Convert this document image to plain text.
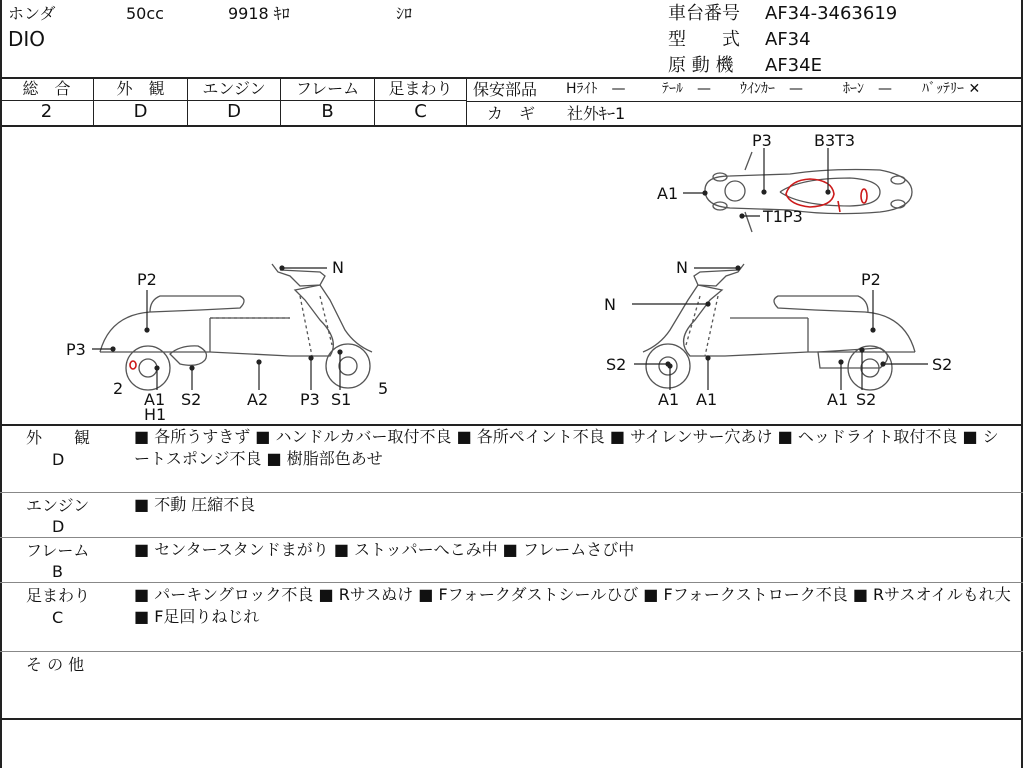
ホンダ	50cc	9918 ｷﾛ	ｼﾛ
DIO
車台番号 AF34-3463619
型　　式 AF34
原 動 機 AF34E
総　合	外　観	エンジン	フレーム	足まわり
2	D	D	B	C
保安部品 Hﾗｲﾄ　—	ﾃｰﾙ　— ｳｲﾝｶｰ　—	ﾎｰﾝ　— ﾊﾞｯﾃﾘｰ ✕
カ　ギ 社外ｷｰ1
P3	B3T3
A1
T1P3
P2
N
P3
2
A1
H1
S2	A2 P3 S1
5
N
N
P2
S2	S2
A1 A1	A1 S2
外　　観
D
■ 各所うすきず ■ ハンドルカバー取付不良 ■ 各所ペイント不良 ■ サイレンサー穴あけ ■ ヘッドライト取付不良 ■ シートスポンジ不良 ■ 樹脂部色あせ
エンジン
D
■ 不動 圧縮不良
フレーム
B
■ センタースタンドまがり ■ ストッパーへこみ中 ■ フレームさび中
足まわり
C
■ パーキングロック不良 ■ Rサスぬけ ■ Fフォークダストシールひび ■ Fフォークストローク不良 ■ Rサスオイルもれ大 ■ F足回りねじれ
そ の 他
